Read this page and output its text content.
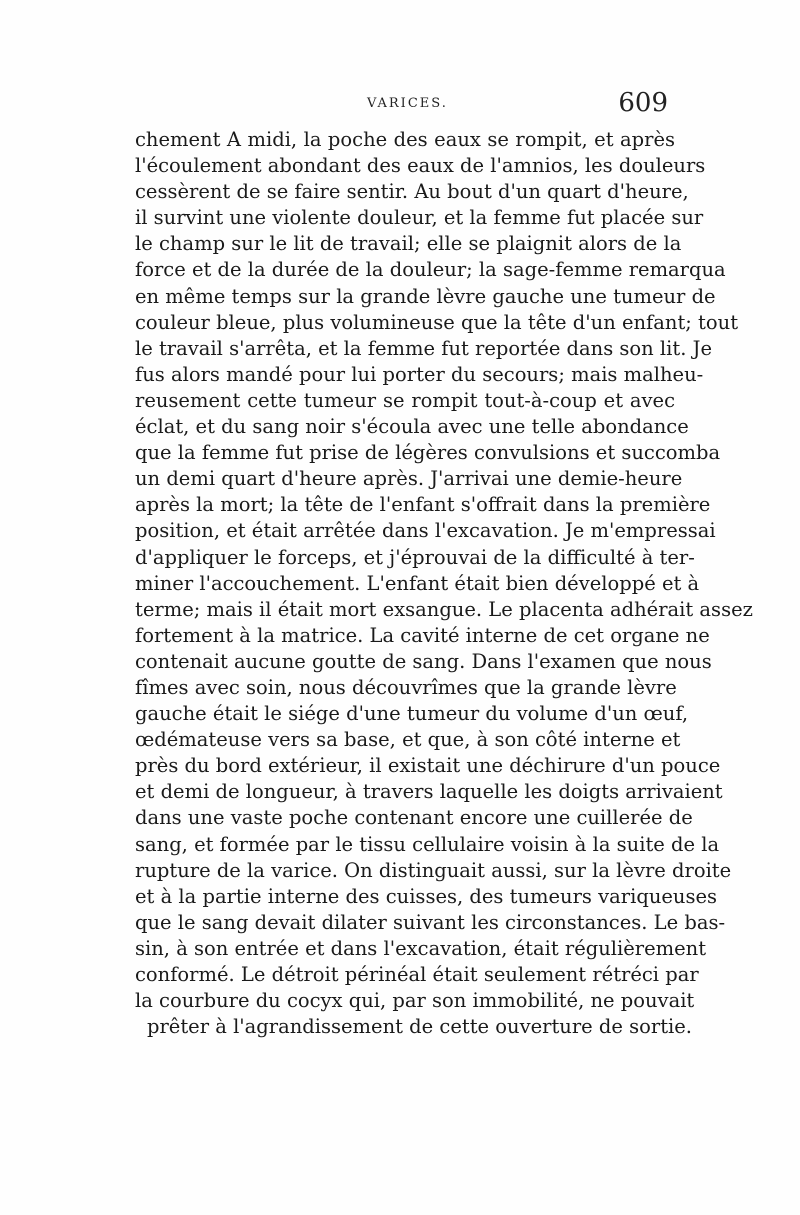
VARICES.	609
chement A midi, la poche des eaux se rompit, et après
l'écoulement abondant des eaux de l'amnios, les douleurs
cessèrent de se faire sentir. Au bout d'un quart d'heure,
il survint une violente douleur, et la femme fut placée sur
le champ sur le lit de travail; elle se plaignit alors de la
force et de la durée de la douleur; la sage-femme remarqua
en même temps sur la grande lèvre gauche une tumeur de
couleur bleue, plus volumineuse que la tête d'un enfant; tout
le travail s'arrêta, et la femme fut reportée dans son lit. Je
fus alors mandé pour lui porter du secours; mais malheu-
reusement cette tumeur se rompit tout-à-coup et avec
éclat, et du sang noir s'écoula avec une telle abondance
que la femme fut prise de légères convulsions et succomba
un demi quart d'heure après. J'arrivai une demie-heure
après la mort; la tête de l'enfant s'offrait dans la première
position, et était arrêtée dans l'excavation. Je m'empressai
d'appliquer le forceps, et j'éprouvai de la difficulté à ter-
miner l'accouchement. L'enfant était bien développé et à
terme; mais il était mort exsangue. Le placenta adhérait assez
fortement à la matrice. La cavité interne de cet organe ne
contenait aucune goutte de sang. Dans l'examen que nous
fîmes avec soin, nous découvrîmes que la grande lèvre
gauche était le siége d'une tumeur du volume d'un œuf,
œdémateuse vers sa base, et que, à son côté interne et
près du bord extérieur, il existait une déchirure d'un pouce
et demi de longueur, à travers laquelle les doigts arrivaient
dans une vaste poche contenant encore une cuillerée de
sang, et formée par le tissu cellulaire voisin à la suite de la
rupture de la varice. On distinguait aussi, sur la lèvre droite
et à la partie interne des cuisses, des tumeurs variqueuses
que le sang devait dilater suivant les circonstances. Le bas-
sin, à son entrée et dans l'excavation, était régulièrement
conformé. Le détroit périnéal était seulement rétréci par
la courbure du cocyx qui, par son immobilité, ne pouvait
prêter à l'agrandissement de cette ouverture de sortie.
